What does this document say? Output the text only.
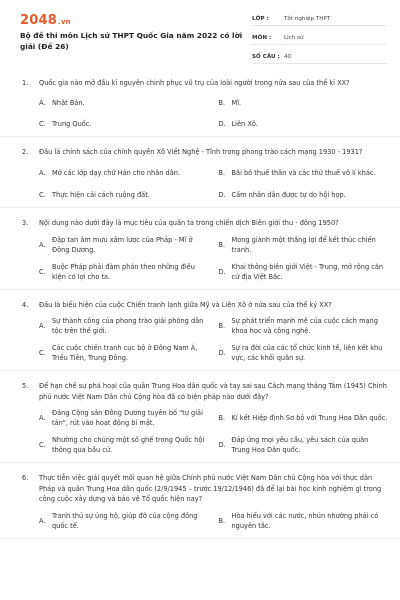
2048.vn
Bộ đề thi môn Lịch sử THPT Quốc Gia năm 2022 có lời giải (Đề 26)
LỚP :	Tốt nghiệp THPT
MÔN :	Lịch sử
SỐ CÂU : 40
1.	Quốc gia nào mở đầu kỉ nguyên chinh phục vũ trụ của loài người trong nửa sau của thế kỉ XX?
A. Nhật Bản.	B. Mĩ.
C. Trung Quốc.	D. Liên Xô.
2.	Đâu là chính sách của chính quyền Xô Viết Nghệ - Tĩnh trong phong trào cách mạng 1930 - 1931?
A. Mở các lớp dạy chữ Hán cho nhân dân.	B. Bãi bỏ thuế thân và các thứ thuế vô lí khác.
C. Thực hiện cải cách ruộng đất.	D. Cấm nhân dân được tự do hội họp.
3.	Nội dung nào dưới đây là mục tiêu của quân ta trong chiến dịch Biên giới thu - đông 1950?
A.
Đập tan âm mưu xâm lược của Pháp - Mĩ ở Đông Dương.
B.
Mong giành một thắng lợi để kết thúc chiến tranh.
C.
Buộc Pháp phải đàm phán theo những điều kiện có lợi cho ta.
D.
Khai thông biên giới Việt - Trung, mở rộng căn cứ địa Việt Bắc.
4.	Đâu là biểu hiện của cuộc Chiến tranh lạnh giữa Mỹ và Liên Xô ở nửa sau của thế kỷ XX?
A.
Sự thành công của phong trào giải phóng dân tộc trên thế giới.
B.
Sự phát triển mạnh mẽ của cuộc cách mạng khoa học và công nghệ.
C.
Các cuộc chiến tranh cục bộ ở Đông Nam Á, Triều Tiên, Trung Đông.
D.
Sự ra đời của các tổ chức kinh tế, liên kết khu vực, các khối quân sự.
5.	Để hạn chế sự phá hoại của quân Trung Hoa dân quốc và tay sai sau Cách mạng tháng Tám (1945) Chính phủ nước Việt Nam Dân chủ Cộng hòa đã có biện pháp nào dưới đây?
A.
Đảng Cộng sản Đông Dương tuyên bố "tự giải tán", rút vào hoạt động bí mật.
B. Kí kết Hiệp định Sơ bộ với Trung Hoa Dân quốc.
C.
Nhường cho chúng một số ghế trong Quốc hội thông qua bầu cử.
D.
Đáp ứng mọi yêu cầu, yêu sách của quân Trung Hoa Dân quốc.
6.	Thực tiễn việc giải quyết mối quan hệ giữa Chính phủ nước Việt Nam Dân chủ Cộng hòa với thực dân Pháp và quân Trung Hoa dân quốc (2/9/1945 – trước 19/12/1946) đã để lại bài học kinh nghiệm gì trong công cuộc xây dựng và bảo vệ Tổ quốc hiện nay?
A.
Tranh thủ sự ủng hộ, giúp đỡ của cộng đồng quốc tế.
B.
Hòa hiếu với các nước, nhún nhường phải có nguyên tắc.
